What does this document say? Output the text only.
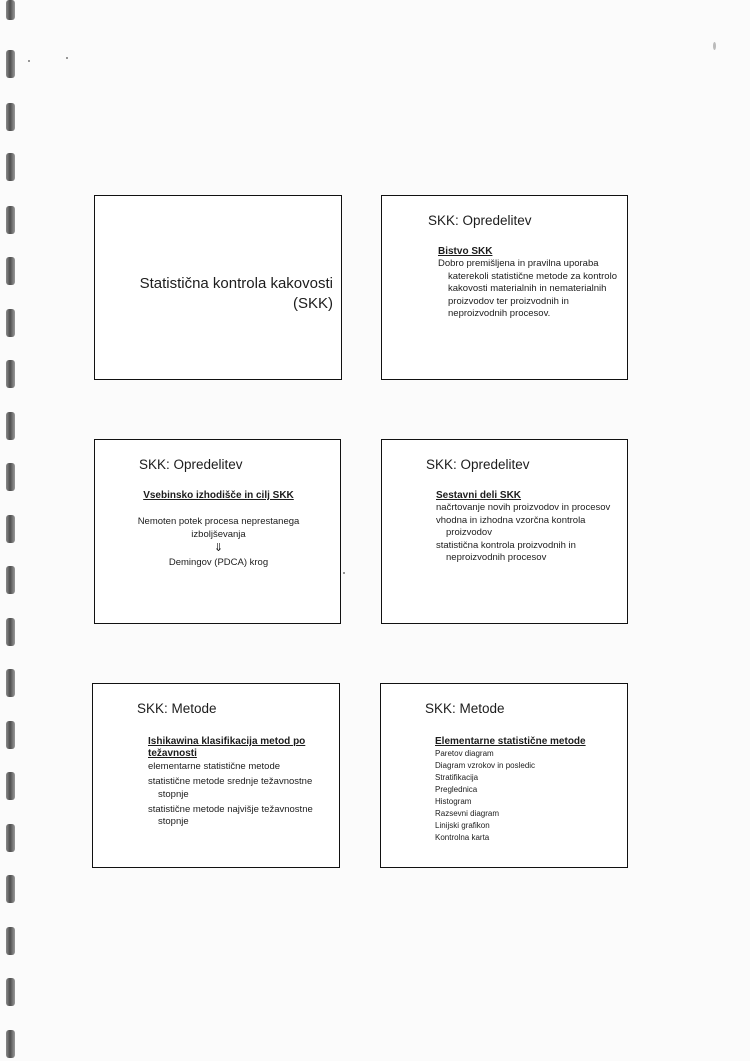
Statistična kontrola kakovosti
(SKK)
SKK: Opredelitev
Bistvo SKK
Dobro premišljena in pravilna uporaba
katerekoli statistične metode za kontrolo
kakovosti materialnih in nematerialnih
proizvodov ter proizvodnih in
neproizvodnih procesov.
SKK: Opredelitev
Vsebinsko izhodišče in cilj SKK
Nemoten potek procesa neprestanega
izboljševanja
⇓
Demingov (PDCA) krog
SKK: Opredelitev
Sestavni deli SKK
načrtovanje novih proizvodov in procesov
vhodna in izhodna vzorčna kontrola
proizvodov
statistična kontrola proizvodnih in
neproizvodnih procesov
SKK: Metode
Ishikawina klasifikacija metod po
težavnosti
elementarne statistične metode
statistične metode srednje težavnostne
stopnje
statistične metode najvišje težavnostne
stopnje
SKK: Metode
Elementarne statistične metode
Paretov diagram
Diagram vzrokov in posledic
Stratifikacija
Preglednica
Histogram
Razsevni diagram
Linijski grafikon
Kontrolna karta
